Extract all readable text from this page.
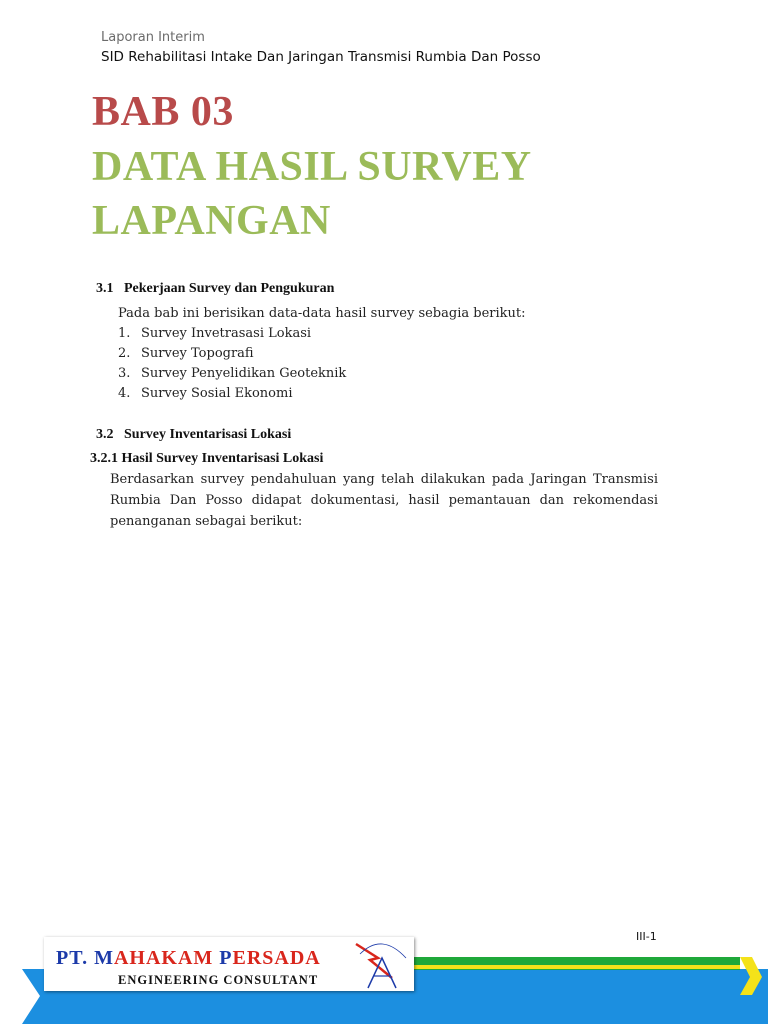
Laporan Interim
SID Rehabilitasi Intake Dan Jaringan Transmisi Rumbia Dan Posso
BAB 03
DATA HASIL SURVEY
LAPANGAN
3.1 Pekerjaan Survey dan Pengukuran
Pada bab ini berisikan data-data hasil survey sebagia berikut:
1. Survey Invetrasasi Lokasi
2. Survey Topografi
3. Survey Penyelidikan Geoteknik
4. Survey Sosial Ekonomi
3.2 Survey Inventarisasi Lokasi
3.2.1 Hasil Survey Inventarisasi Lokasi
Berdasarkan survey pendahuluan yang telah dilakukan pada Jaringan Transmisi Rumbia Dan Posso didapat dokumentasi, hasil pemantauan dan rekomendasi penanganan sebagai berikut:
III-1
PT. MAHAKAM PERSADA
ENGINEERING CONSULTANT
